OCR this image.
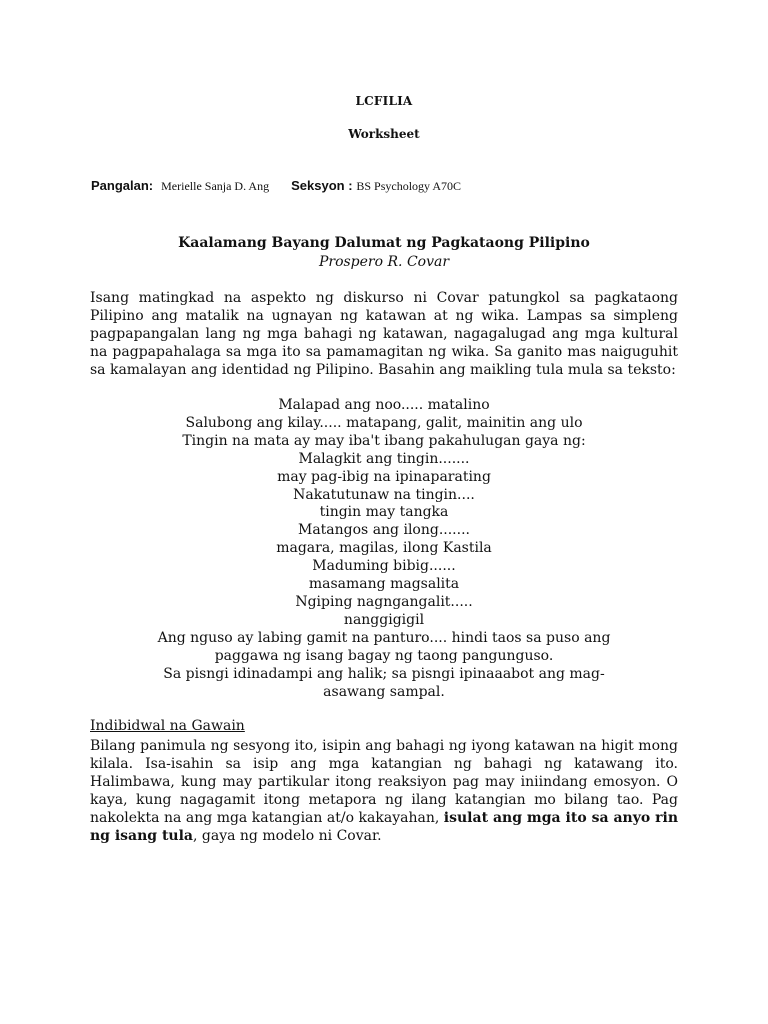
LCFILIA
Worksheet
Pangalan: Merielle Sanja D. Ang Seksyon : BS Psychology A70C
Kaalamang Bayang Dalumat ng Pagkataong Pilipino
Prospero R. Covar
Isang matingkad na aspekto ng diskurso ni Covar patungkol sa pagkataong Pilipino ang matalik na ugnayan ng katawan at ng wika. Lampas sa simpleng pagpapangalan lang ng mga bahagi ng katawan, nagagalugad ang mga kultural na pagpapahalaga sa mga ito sa pamamagitan ng wika. Sa ganito mas naiguguhit sa kamalayan ang identidad ng Pilipino. Basahin ang maikling tula mula sa teksto:
Malapad ang noo..... matalino
Salubong ang kilay..... matapang, galit, mainitin ang ulo
Tingin na mata ay may iba't ibang pakahulugan gaya ng:
Malagkit ang tingin.......
may pag-ibig na ipinaparating
Nakatutunaw na tingin....
tingin may tangka
Matangos ang ilong.......
magara, magilas, ilong Kastila
Maduming bibig......
masamang magsalita
Ngiping nagngangalit.....
nanggigigil
Ang nguso ay labing gamit na panturo.... hindi taos sa puso ang
paggawa ng isang bagay ng taong pangunguso.
Sa pisngi idinadampi ang halik; sa pisngi ipinaaabot ang mag-
asawang sampal.
Indibidwal na Gawain
Bilang panimula ng sesyong ito, isipin ang bahagi ng iyong katawan na higit mong kilala. Isa-isahin sa isip ang mga katangian ng bahagi ng katawang ito. Halimbawa, kung may partikular itong reaksiyon pag may iniindang emosyon. O kaya, kung nagagamit itong metapora ng ilang katangian mo bilang tao. Pag nakolekta na ang mga katangian at/o kakayahan, isulat ang mga ito sa anyo rin ng isang tula, gaya ng modelo ni Covar.
